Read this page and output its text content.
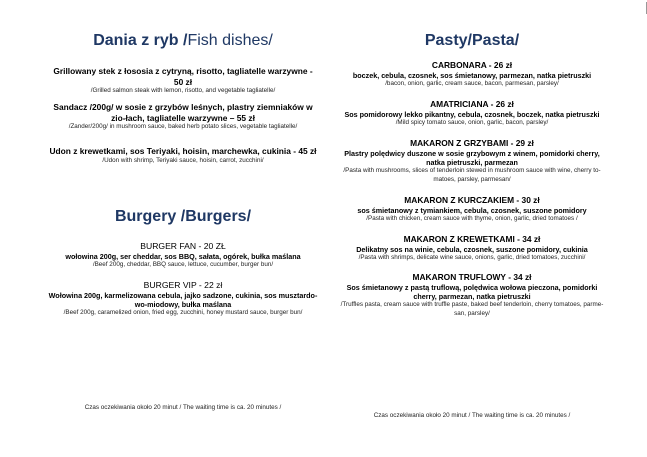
Dania z ryb /Fish dishes/
Grillowany stek z łososia z cytryną, risotto, tagliatelle warzywne - 50 zł
/Grilled salmon steak with lemon, risotto, and vegetable tagliatelle/
Sandacz /200g/ w sosie z grzybów leśnych, plastry ziemniaków w zio-łach, tagliatelle warzywne – 55 zł
/Zander/200g/ in mushroom sauce, baked herb potato slices, vegetable tagliatelle/
Udon z krewetkami, sos Teriyaki, hoisin, marchewka, cukinia - 45 zł
/Udon with shrimp, Teriyaki sauce, hoisin, carrot, zucchini/
Burgery /Burgers/
BURGER FAN - 20 ZŁ
wołowina 200g, ser cheddar, sos BBQ, sałata, ogórek, bułka maślana
/Beef 200g, cheddar, BBQ sauce, lettuce, cucumber, burger bun/
BURGER VIP - 22 zł
Wołowina 200g, karmelizowana cebula, jajko sadzone, cukinia, sos musztardo-wo-miodowy, bułka maślana
/Beef 200g, caramelized onion, fried egg, zucchini, honey mustard sauce, burger bun/
Czas oczekiwania około 20 minut / The waiting time is ca. 20 minutes /
Pasty/Pasta/
CARBONARA - 26 zł
boczek, cebula, czosnek, sos śmietanowy, parmezan, natka pietruszki
/bacon, onion, garlic, cream sauce, bacon, parmesan, parsley/
AMATRICIANA - 26 zł
Sos pomidorowy lekko pikantny, cebula, czosnek, boczek, natka pietruszki
/Mild spicy tomato sauce, onion, garlic, bacon, parsley/
MAKARON Z GRZYBAMI - 29 zł
Plastry polędwicy duszone w sosie grzybowym z winem, pomidorki cherry, natka pietruszki, parmezan
/Pasta with mushrooms, slices of tenderloin stewed in mushroom sauce with wine, cherry to-matoes, parsley, parmesan/
MAKARON Z KURCZAKIEM - 30 zł
sos śmietanowy z tymiankiem, cebula, czosnek, suszone pomidory
/Pasta with chicken, cream sauce with thyme, onion, garlic, dried tomatoes /
MAKARON Z KREWETKAMI - 34 zł
Delikatny sos na winie, cebula, czosnek, suszone pomidory, cukinia
/Pasta with shrimps, delicate wine sauce, onions, garlic, dried tomatoes, zucchini/
MAKARON TRUFLOWY - 34 zł
Sos śmietanowy z pastą truflową, polędwica wołowa pieczona, pomidorki cherry, parmezan, natka pietruszki
/Truffles pasta, cream sauce with truffle paste, baked beef tenderloin, cherry tomatoes, parme-san, parsley/
Czas oczekiwania około 20 minut / The waiting time is ca. 20 minutes /
